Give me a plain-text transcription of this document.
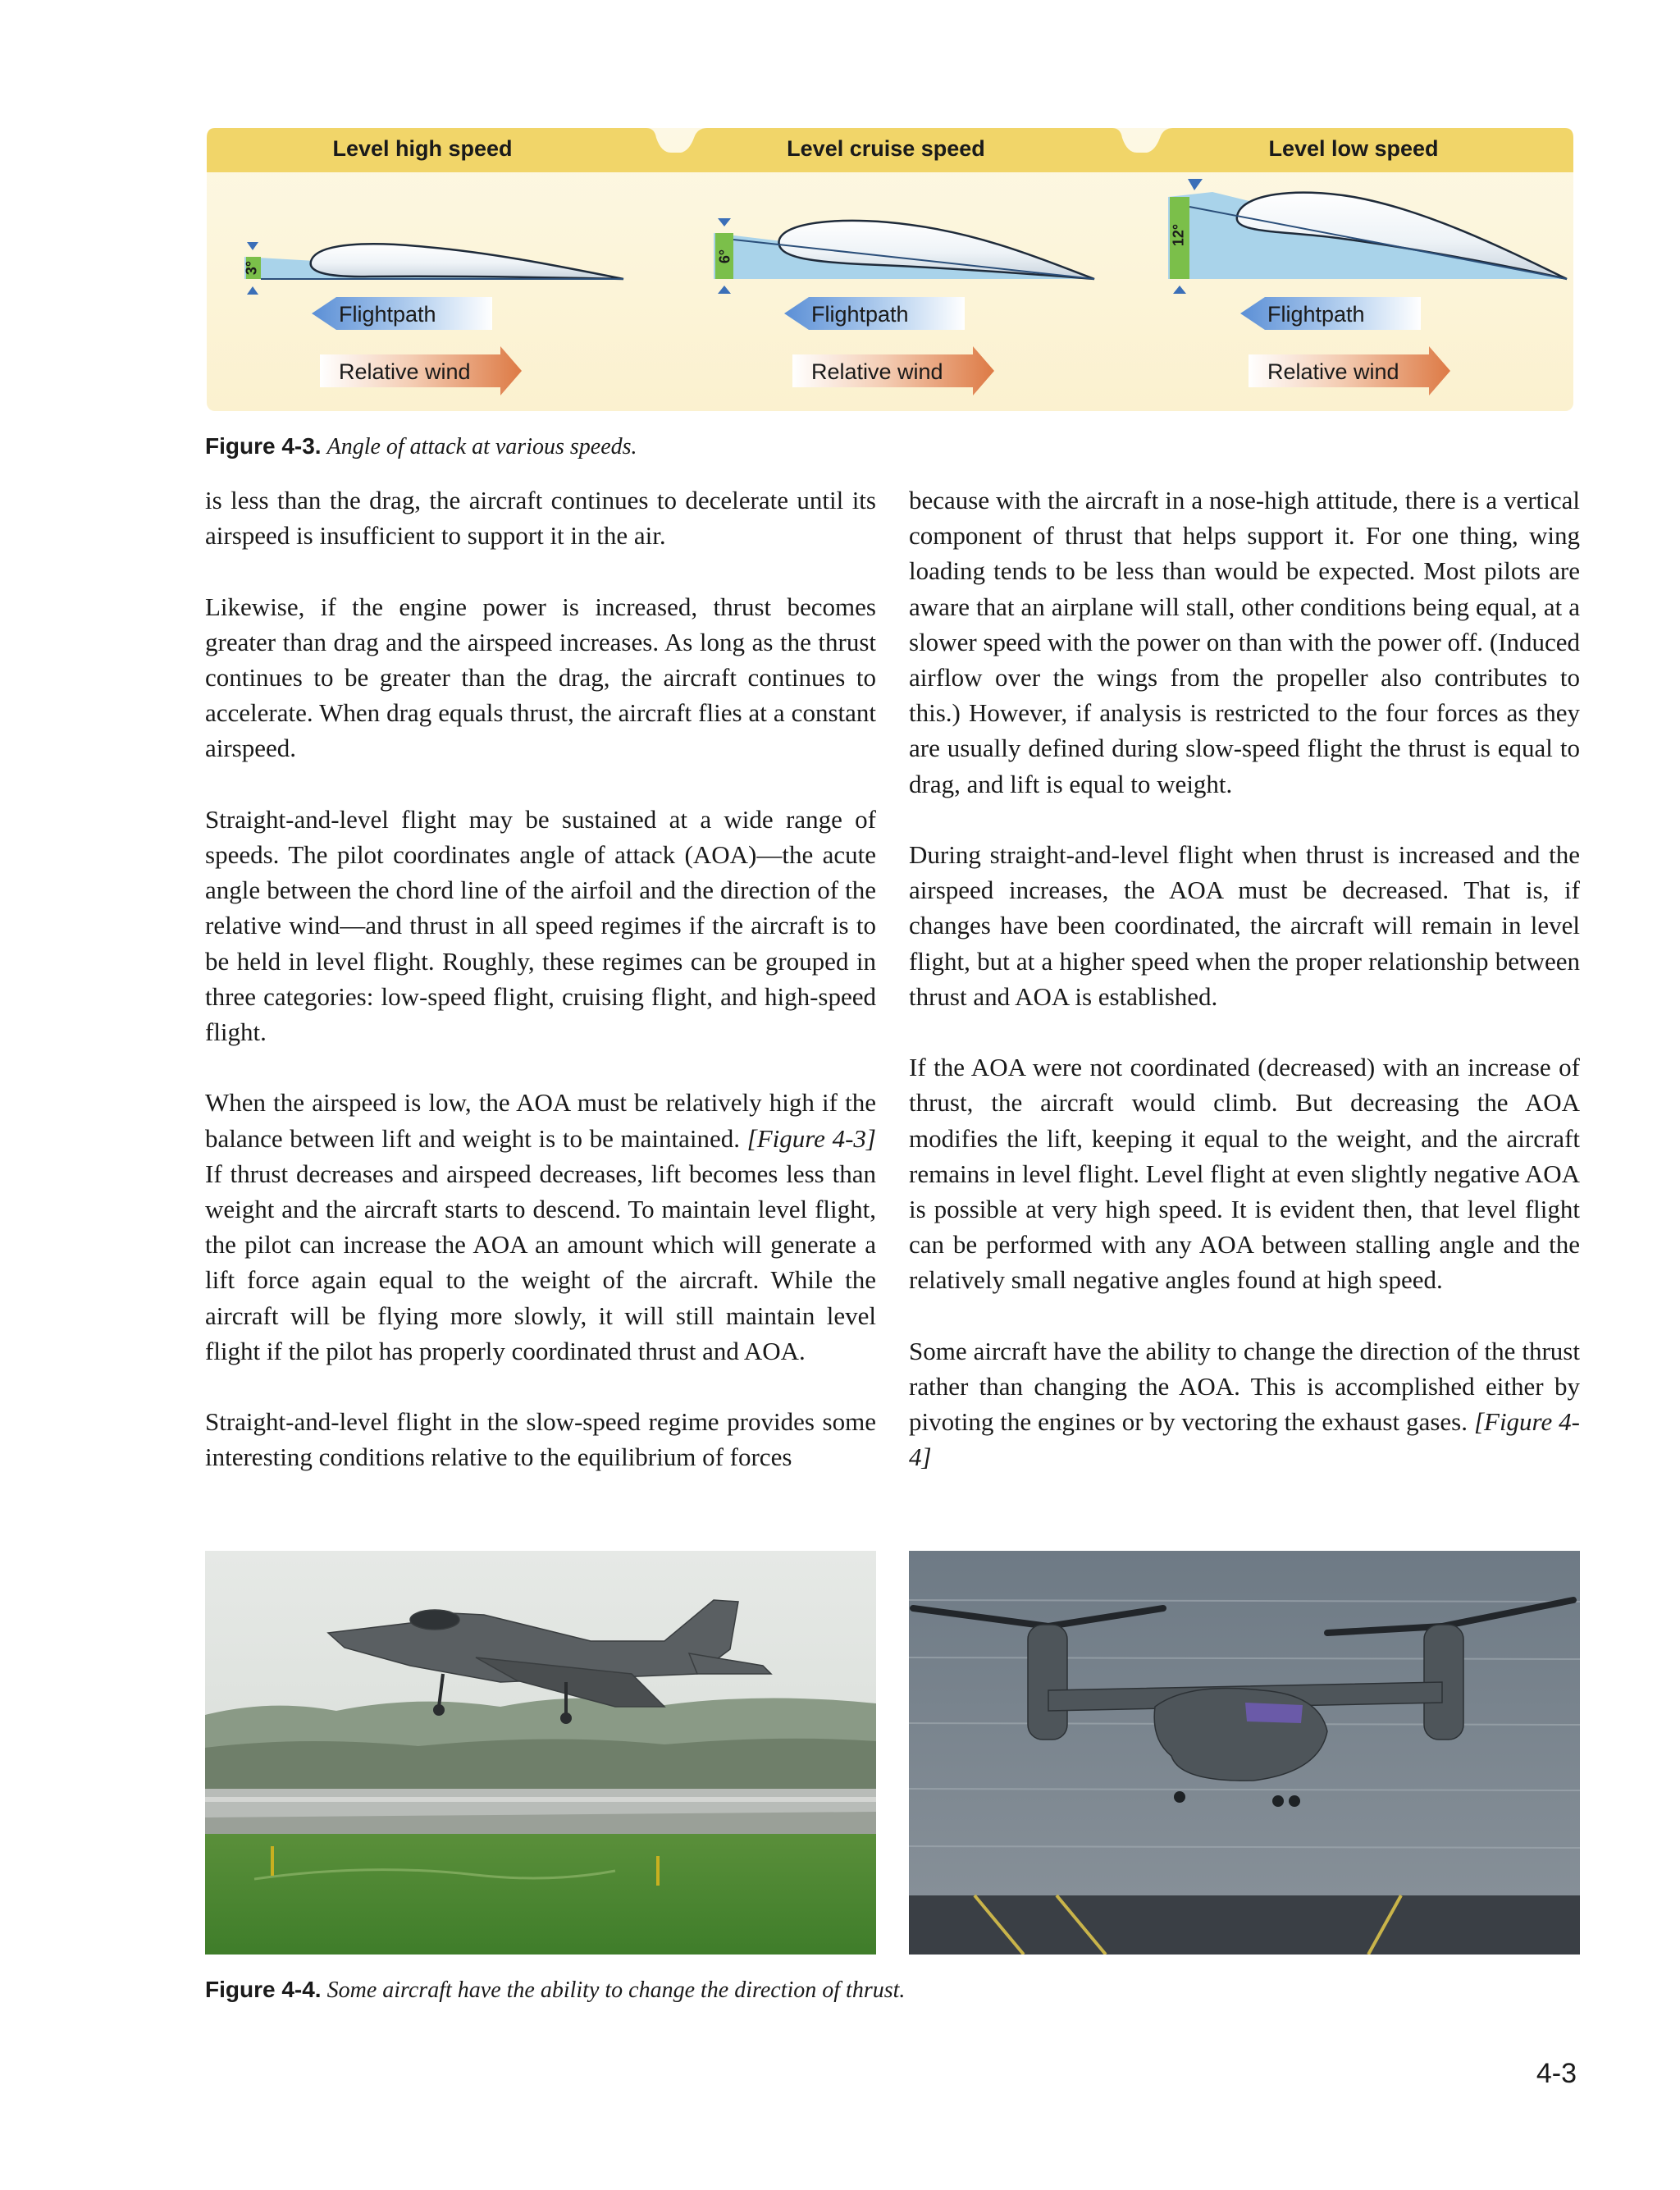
Level high speed	Level cruise speed	Level low speed
3°
6°
12°
Flightpath	Flightpath	Flightpath
Relative wind	Relative wind	Relative wind
Figure 4-3. Angle of attack at various speeds.

is less than the drag, the aircraft continues to decelerate until its airspeed is insufficient to support it in the air.

Likewise, if the engine power is increased, thrust becomes greater than drag and the airspeed increases. As long as the thrust continues to be greater than the drag, the aircraft continues to accelerate. When drag equals thrust, the aircraft flies at a constant airspeed.

Straight-and-level flight may be sustained at a wide range of speeds. The pilot coordinates angle of attack (AOA)—the acute angle between the chord line of the airfoil and the direction of the relative wind—and thrust in all speed regimes if the aircraft is to be held in level flight. Roughly, these regimes can be grouped in three categories: low-speed flight, cruising flight, and high-speed flight.

When the airspeed is low, the AOA must be relatively high if the balance between lift and weight is to be maintained. [Figure 4-3] If thrust decreases and airspeed decreases, lift becomes less than weight and the aircraft starts to descend. To maintain level flight, the pilot can increase the AOA an amount which will generate a lift force again equal to the weight of the aircraft. While the aircraft will be flying more slowly, it will still maintain level flight if the pilot has properly coordinated thrust and AOA.

Straight-and-level flight in the slow-speed regime provides some interesting conditions relative to the equilibrium of forces

because with the aircraft in a nose-high attitude, there is a vertical component of thrust that helps support it. For one thing, wing loading tends to be less than would be expected. Most pilots are aware that an airplane will stall, other conditions being equal, at a slower speed with the power on than with the power off. (Induced airflow over the wings from the propeller also contributes to this.) However, if analysis is restricted to the four forces as they are usually defined during slow-speed flight the thrust is equal to drag, and lift is equal to weight.

During straight-and-level flight when thrust is increased and the airspeed increases, the AOA must be decreased. That is, if changes have been coordinated, the aircraft will remain in level flight, but at a higher speed when the proper relationship between thrust and AOA is established.

If the AOA were not coordinated (decreased) with an increase of thrust, the aircraft would climb. But decreasing the AOA modifies the lift, keeping it equal to the weight, and the aircraft remains in level flight. Level flight at even slightly negative AOA is possible at very high speed. It is evident then, that level flight can be performed with any AOA between stalling angle and the relatively small negative angles found at high speed.

Some aircraft have the ability to change the direction of the thrust rather than changing the AOA. This is accomplished either by pivoting the engines or by vectoring the exhaust gases. [Figure 4-4]

Figure 4-4. Some aircraft have the ability to change the direction of thrust.
4-3
